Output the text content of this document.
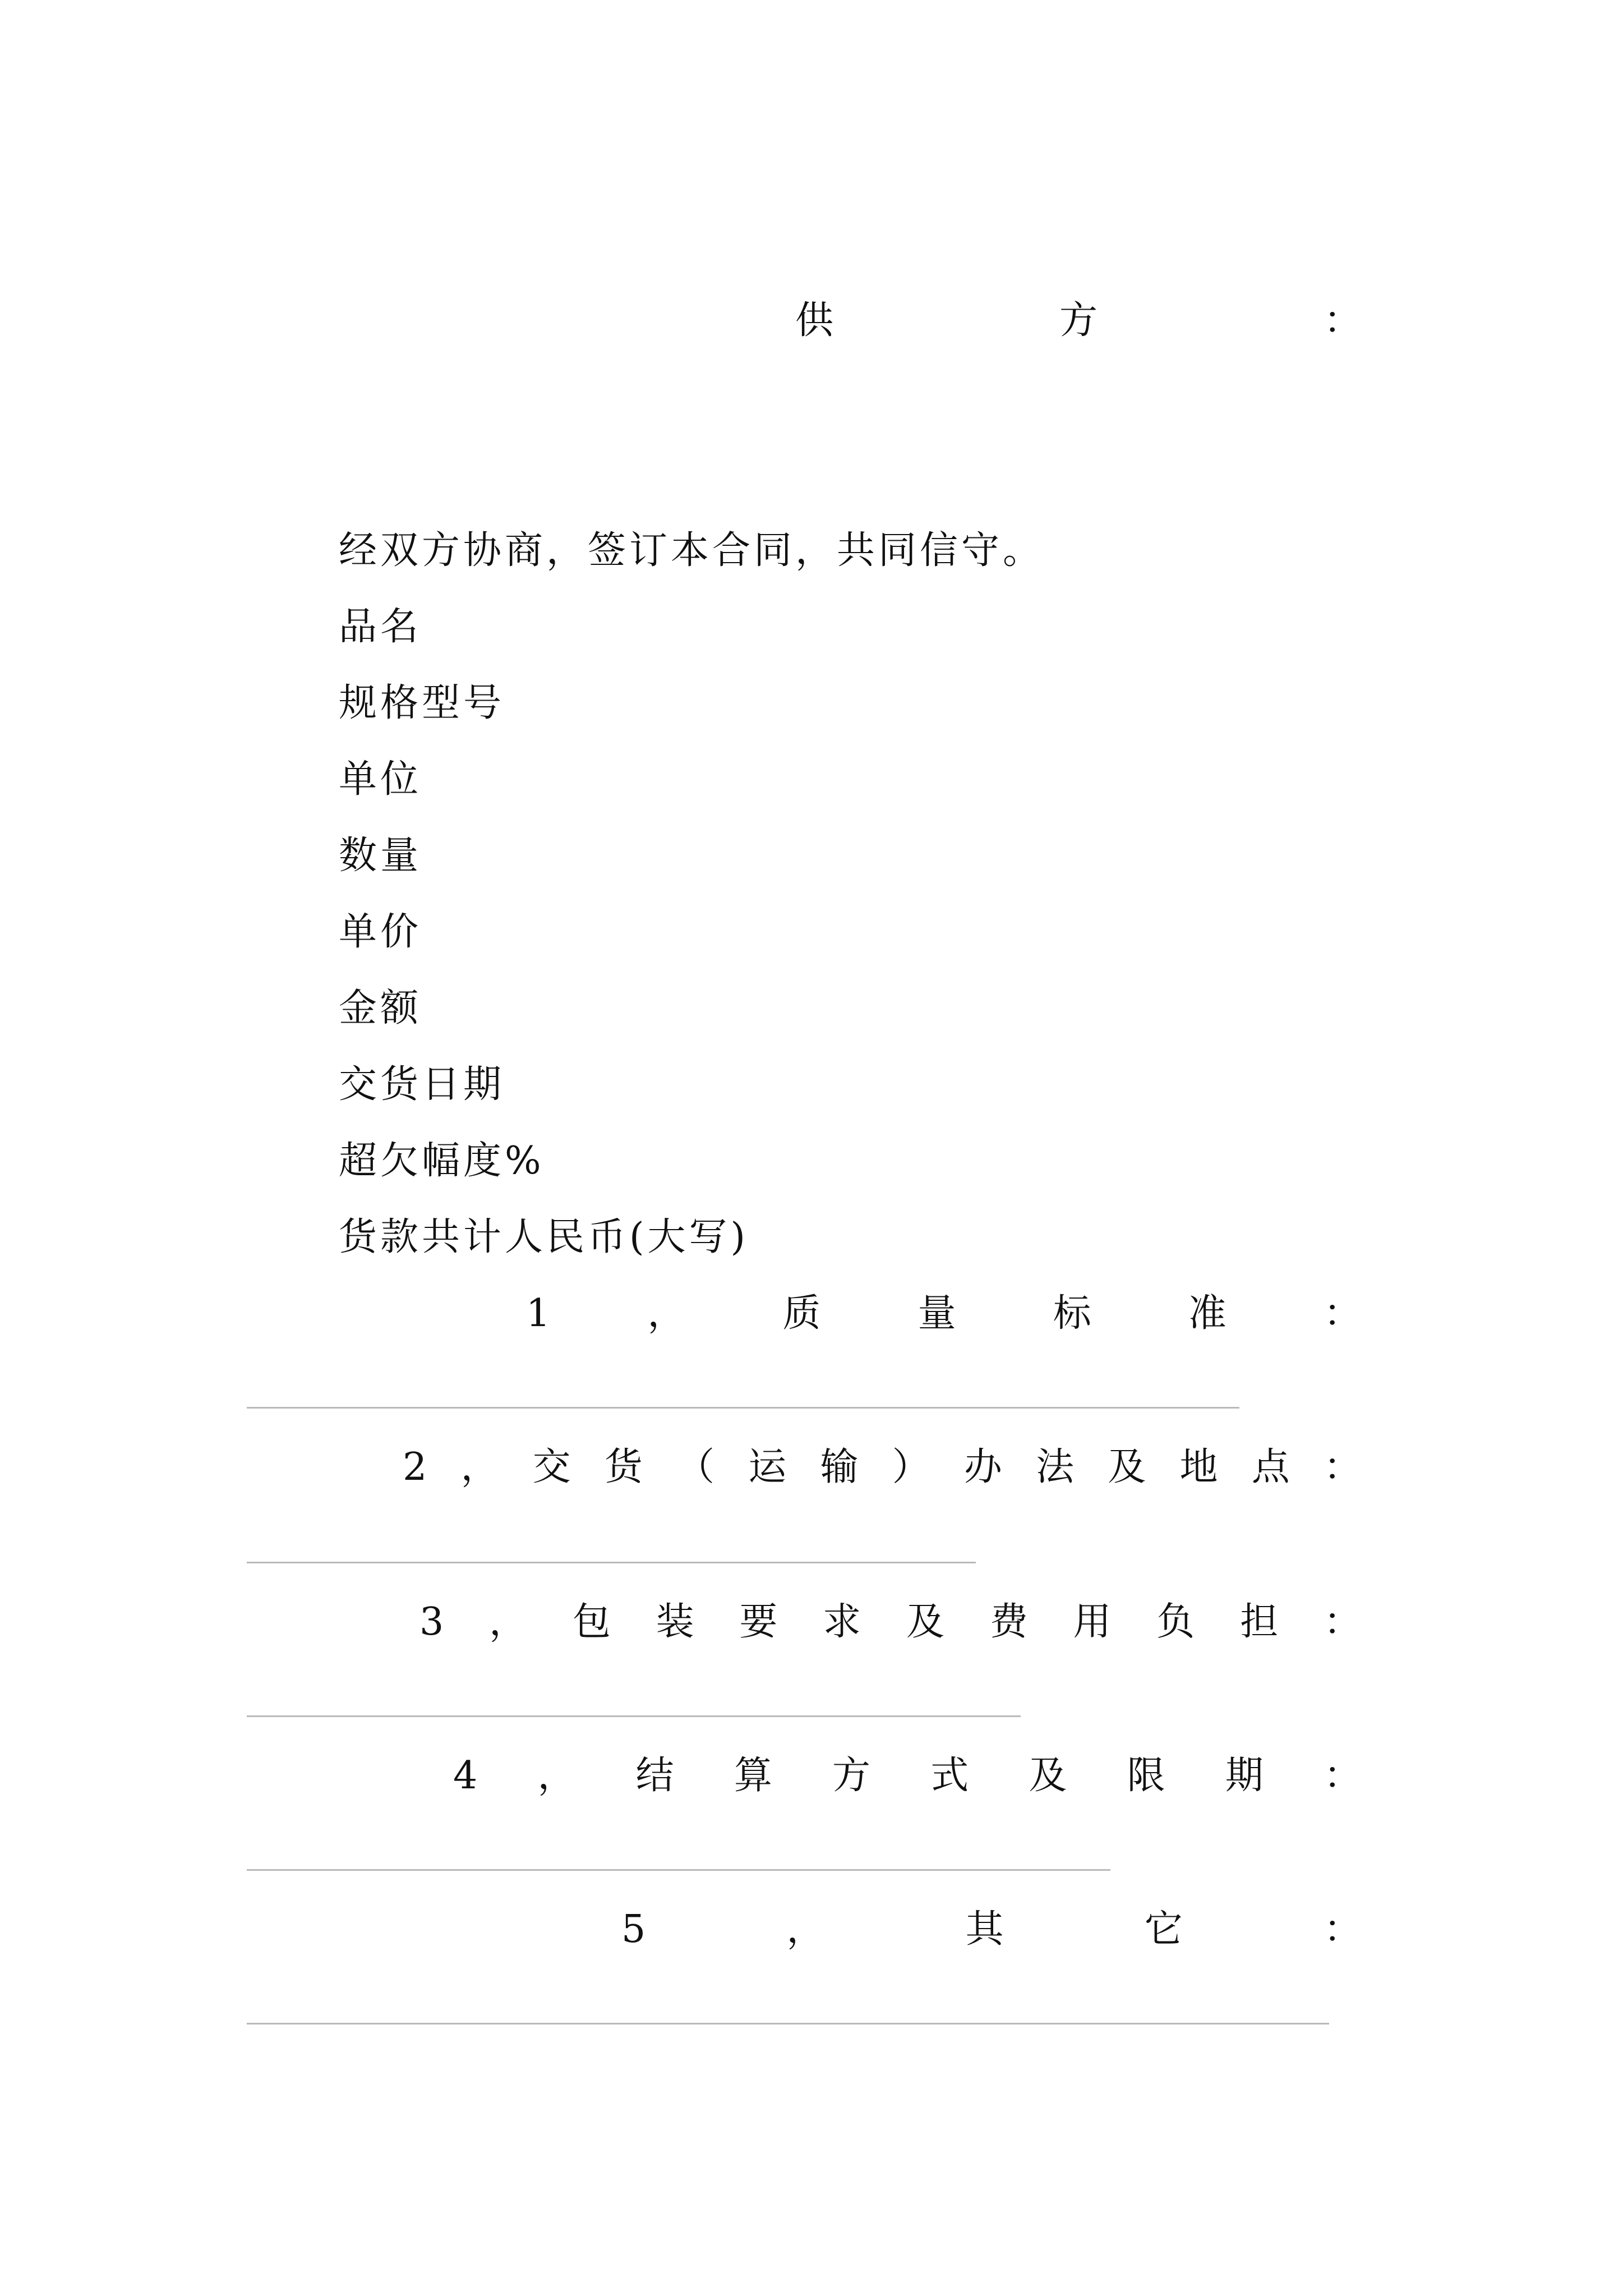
供	方	：
经双方协商，签订本合同，共同信守。
品名
规格型号
单位
数量
单价
金额
交货日期
超欠幅度%
货款共计人民币(大写)
1	，	质	量	标	准	：
2 ， 交 货 （ 运 输 ） 办 法 及 地 点 ：
3 ， 包 装 要 求 及 费 用 负 担 ：
4 ， 结 算 方 式 及 限 期 ：
5	，	其	它	：
